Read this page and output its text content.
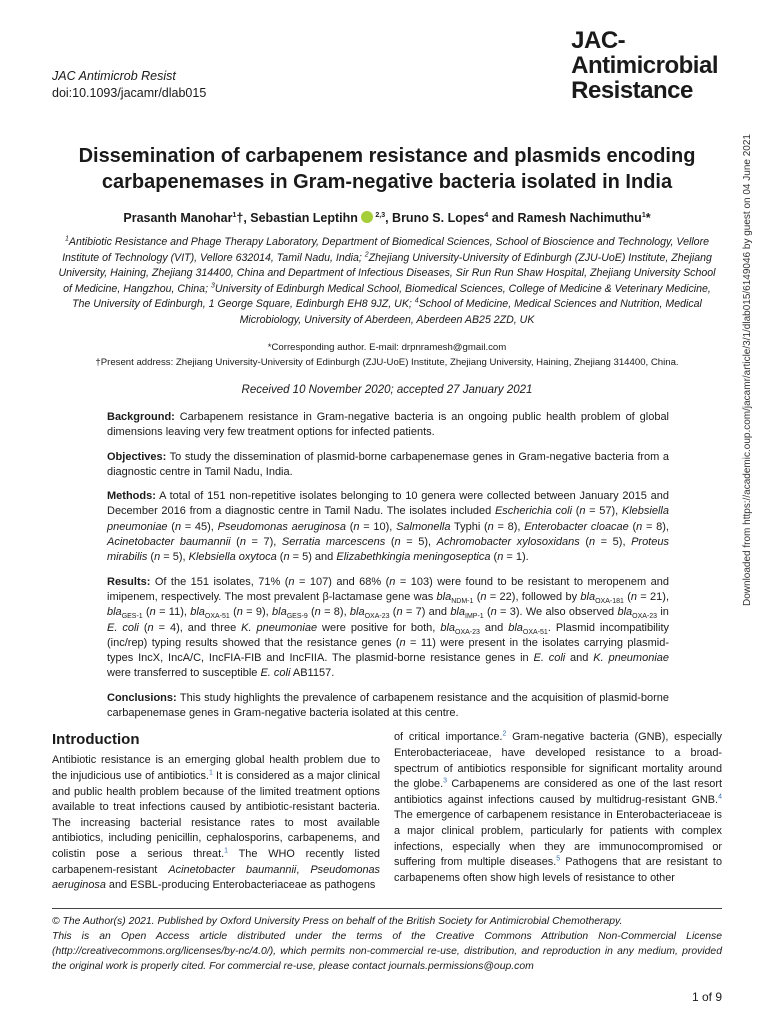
JAC Antimicrob Resist
doi:10.1093/jacamr/dlab015
JAC-
Antimicrobial
Resistance
Dissemination of carbapenem resistance and plasmids encoding carbapenemases in Gram-negative bacteria isolated in India
Prasanth Manohar$^1$†, Sebastian Leptihn  $^{2,3}$, Bruno S. Lopes$^4$ and Ramesh Nachimuthu$^1$*
$^1$Antibiotic Resistance and Phage Therapy Laboratory, Department of Biomedical Sciences, School of Bioscience and Technology, Vellore Institute of Technology (VIT), Vellore 632014, Tamil Nadu, India; $^2$Zhejiang University-University of Edinburgh (ZJU-UoE) Institute, Zhejiang University, Haining, Zhejiang 314400, China and Department of Infectious Diseases, Sir Run Run Shaw Hospital, Zhejiang University School of Medicine, Hangzhou, China; $^3$University of Edinburgh Medical School, Biomedical Sciences, College of Medicine & Veterinary Medicine, The University of Edinburgh, 1 George Square, Edinburgh EH8 9JZ, UK; $^4$School of Medicine, Medical Sciences and Nutrition, Medical Microbiology, University of Aberdeen, Aberdeen AB25 2ZD, UK
*Corresponding author. E-mail: drpnramesh@gmail.com
†Present address: Zhejiang University-University of Edinburgh (ZJU-UoE) Institute, Zhejiang University, Haining, Zhejiang 314400, China.
Received 10 November 2020; accepted 27 January 2021

Background: Carbapenem resistance in Gram-negative bacteria is an ongoing public health problem of global dimensions leaving very few treatment options for infected patients.

Objectives: To study the dissemination of plasmid-borne carbapenemase genes in Gram-negative bacteria from a diagnostic centre in Tamil Nadu, India.

Methods: A total of 151 non-repetitive isolates belonging to 10 genera were collected between January 2015 and December 2016 from a diagnostic centre in Tamil Nadu. The isolates included Escherichia coli (n = 57), Klebsiella pneumoniae (n = 45), Pseudomonas aeruginosa (n = 10), Salmonella Typhi (n = 8), Enterobacter cloacae (n = 8), Acinetobacter baumannii (n = 7), Serratia marcescens (n = 5), Achromobacter xylosoxidans (n = 5), Proteus mirabilis (n = 5), Klebsiella oxytoca (n = 5) and Elizabethkingia meningoseptica (n = 1).

Results: Of the 151 isolates, 71% (n = 107) and 68% (n = 103) were found to be resistant to meropenem and imipenem, respectively. The most prevalent β-lactamase gene was bla$_{NDM-1}$ (n = 22), followed by bla$_{OXA-181}$ (n = 21), bla$_{GES-1}$ (n = 11), bla$_{OXA-51}$ (n = 9), bla$_{GES-9}$ (n = 8), bla$_{OXA-23}$ (n = 7) and bla$_{IMP-1}$ (n = 3). We also observed bla$_{OXA-23}$ in E. coli (n = 4), and three K. pneumoniae were positive for both, bla$_{OXA-23}$ and bla$_{OXA-51}$. Plasmid incompatibility (inc/rep) typing results showed that the resistance genes (n = 11) were present in the isolates carrying plasmid-types IncX, IncA/C, IncFIA-FIB and IncFIIA. The plasmid-borne resistance genes in E. coli and K. pneumoniae were transferred to susceptible E. coli AB1157.

Conclusions: This study highlights the prevalence of carbapenem resistance and the acquisition of plasmid-borne carbapenemase genes in Gram-negative bacteria isolated at this centre.

Introduction
Antibiotic resistance is an emerging global health problem due to the injudicious use of antibiotics.$^1$ It is considered as a major clinical and public health problem because of the limited treatment options available to treat infections caused by antibiotic-resistant bacteria. The increasing bacterial resistance rates to most available antibiotics, including penicillin, cephalosporins, carbapenems, and colistin pose a serious threat.$^1$ The WHO recently listed carbapenem-resistant Acinetobacter baumannii, Pseudomonas aeruginosa and ESBL-producing Enterobacteriaceae as pathogens
of critical importance.$^2$ Gram-negative bacteria (GNB), especially Enterobacteriaceae, have developed resistance to a broad-spectrum of antibiotics responsible for significant mortality around the globe.$^3$ Carbapenems are considered as one of the last resort antibiotics against infections caused by multidrug-resistant GNB.$^4$ The emergence of carbapenem resistance in Enterobacteriaceae is a major clinical problem, particularly for patients with complex infections, especially when they are immunocompromised or suffering from multiple diseases.$^5$ Pathogens that are resistant to carbapenems often show high levels of resistance to other
© The Author(s) 2021. Published by Oxford University Press on behalf of the British Society for Antimicrobial Chemotherapy.
This is an Open Access article distributed under the terms of the Creative Commons Attribution Non-Commercial License (http://creativecommons.org/licenses/by-nc/4.0/), which permits non-commercial re-use, distribution, and reproduction in any medium, provided the original work is properly cited. For commercial re-use, please contact journals.permissions@oup.com
1 of 9
Downloaded from https://academic.oup.com/jacamr/article/3/1/dlab015/6149046 by guest on 04 June 2021
